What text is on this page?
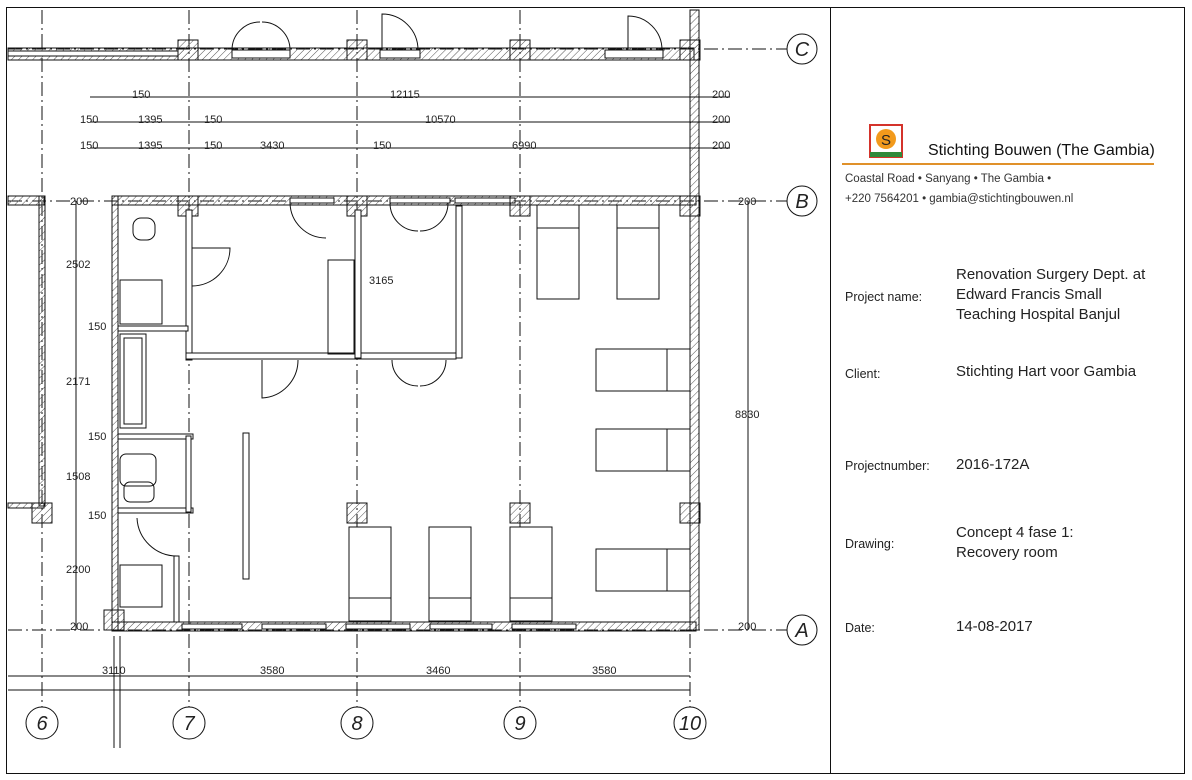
150	12115	200
150	1395	150	10570	200
150	1395	150	3430	150	6990	200
200
2502
150
2171
150
1508
150
2200
200
200
8830
200
3165
3110	3580	3460	3580
C
B
A
6	7	8	9	10
S
Stichting Bouwen (The Gambia)
Coastal Road • Sanyang • The Gambia •
+220 7564201 • gambia@stichtingbouwen.nl
Project name:
Renovation Surgery Dept. at
Edward Francis Small
Teaching Hospital Banjul
Client:	Stichting Hart voor Gambia
Projectnumber: 2016-172A
Drawing:
Concept 4 fase 1:
Recovery room
Date:	14-08-2017
